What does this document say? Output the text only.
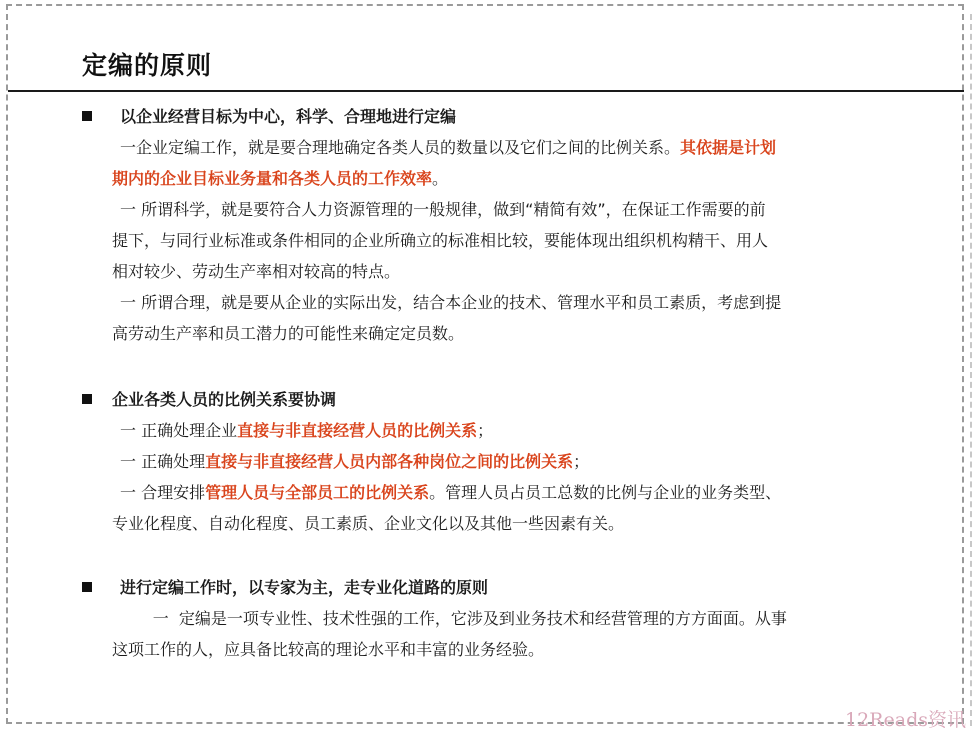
定编的原则
以企业经营目标为中心，科学、合理地进行定编
一企业定编工作，就是要合理地确定各类人员的数量以及它们之间的比例关系。其依据是计划
期内的企业目标业务量和各类人员的工作效率。
一 所谓科学，就是要符合人力资源管理的一般规律，做到“精简有效”，在保证工作需要的前
提下，与同行业标准或条件相同的企业所确立的标准相比较，要能体现出组织机构精干、用人
相对较少、劳动生产率相对较高的特点。
一 所谓合理，就是要从企业的实际出发，结合本企业的技术、管理水平和员工素质，考虑到提
高劳动生产率和员工潜力的可能性来确定定员数。
企业各类人员的比例关系要协调
一 正确处理企业直接与非直接经营人员的比例关系；
一 正确处理直接与非直接经营人员内部各种岗位之间的比例关系；
一 合理安排管理人员与全部员工的比例关系。管理人员占员工总数的比例与企业的业务类型、
专业化程度、自动化程度、员工素质、企业文化以及其他一些因素有关。
进行定编工作时，以专家为主，走专业化道路的原则
一  定编是一项专业性、技术性强的工作，它涉及到业务技术和经营管理的方方面面。从事
这项工作的人，应具备比较高的理论水平和丰富的业务经验。
12Reads资讯
